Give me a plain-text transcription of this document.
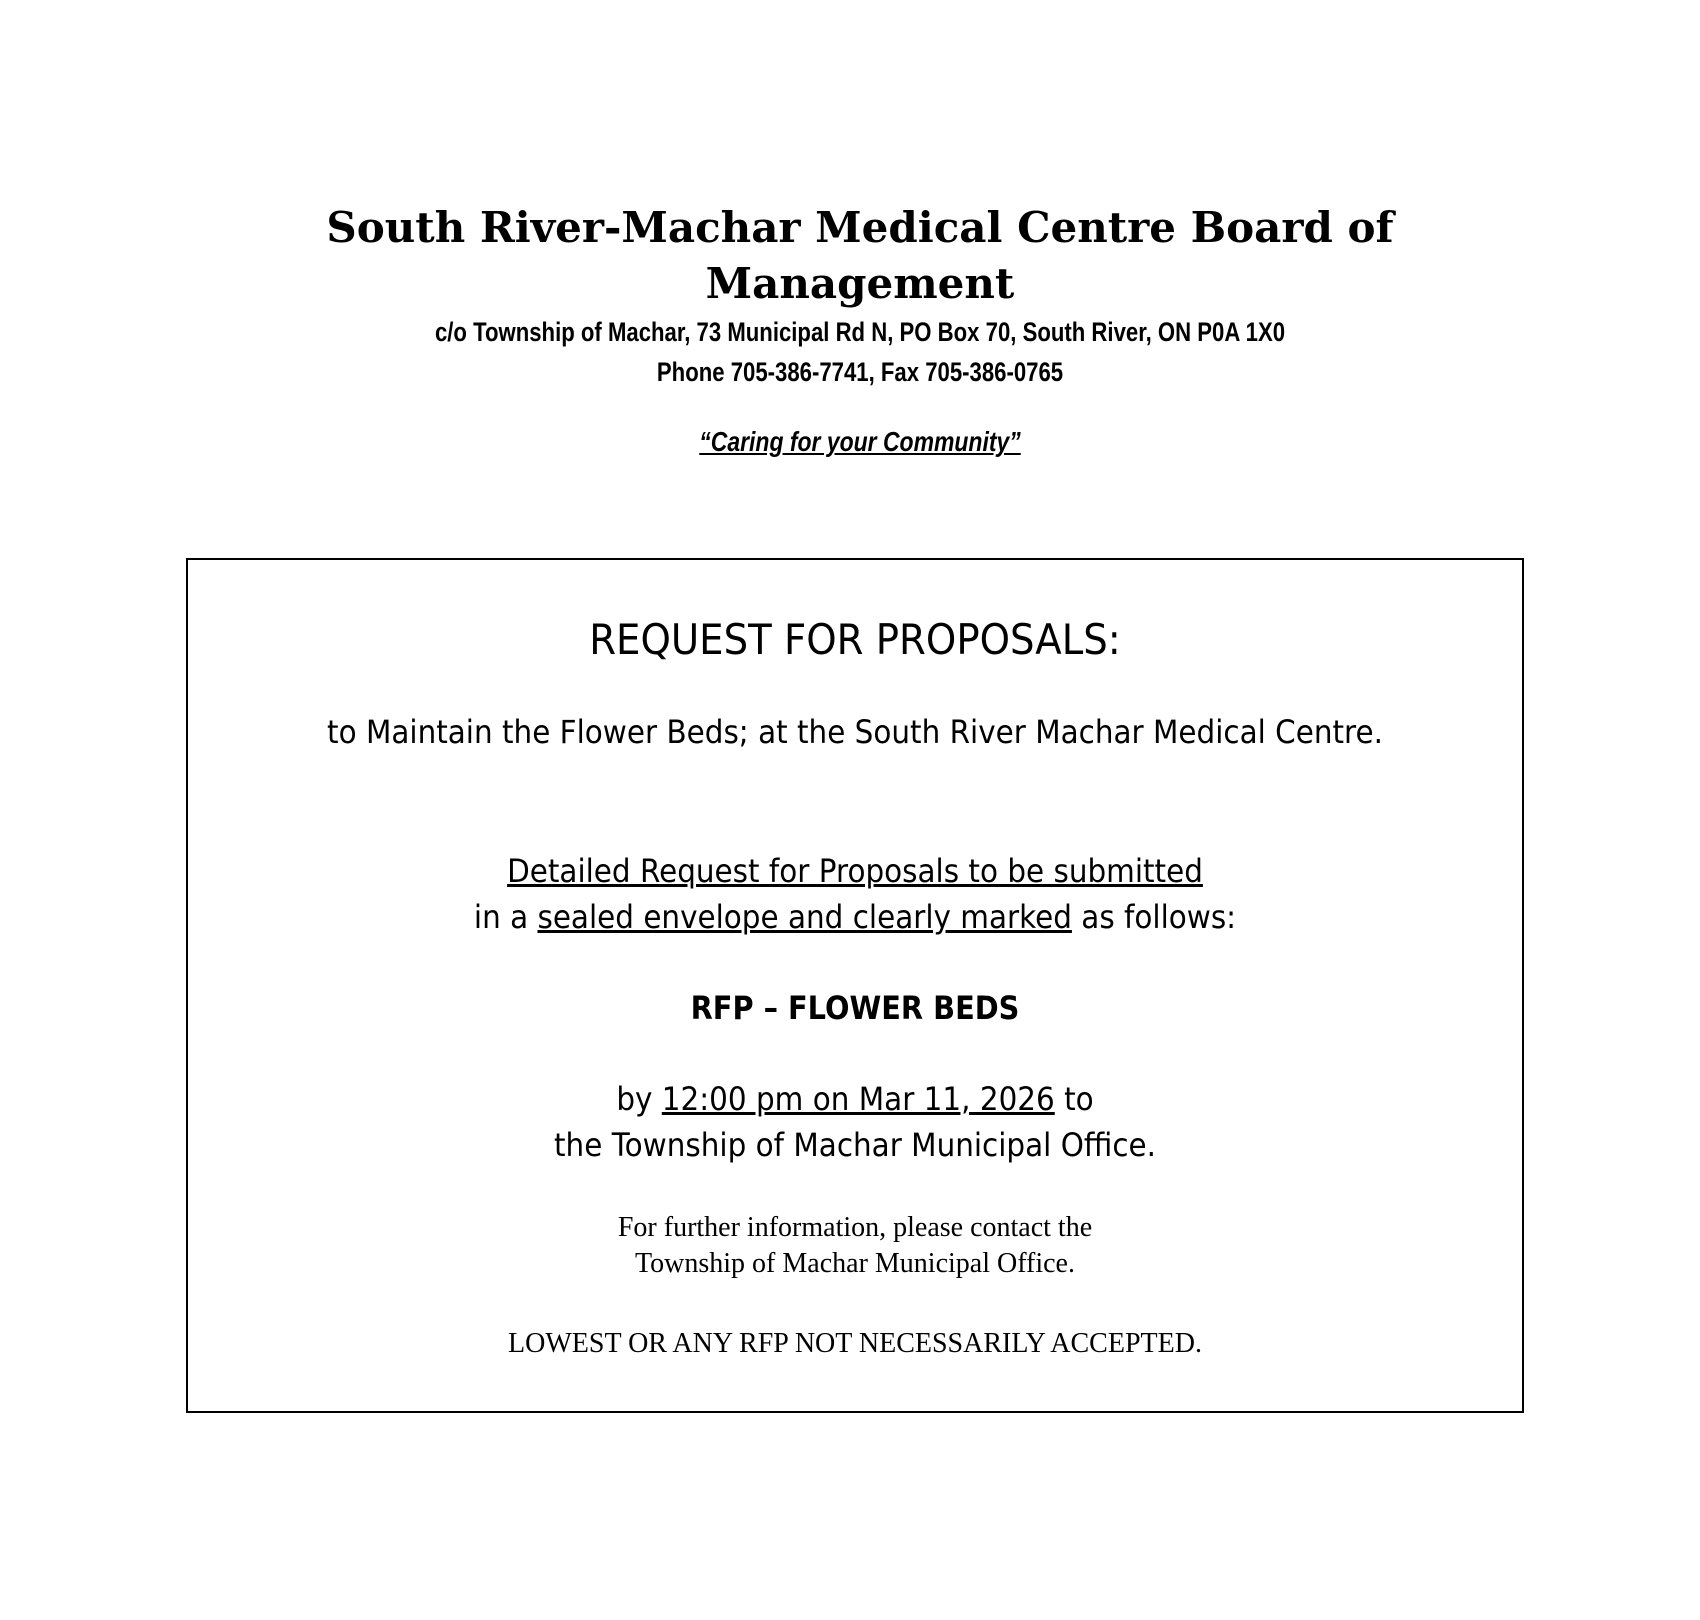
South River-Machar Medical Centre Board of
Management
c/o Township of Machar, 73 Municipal Rd N, PO Box 70, South River, ON P0A 1X0
Phone 705-386-7741, Fax 705-386-0765
“Caring for your Community”
REQUEST FOR PROPOSALS:
to Maintain the Flower Beds; at the South River Machar Medical Centre.
Detailed Request for Proposals to be submitted
in a sealed envelope and clearly marked as follows:
RFP – FLOWER BEDS
by 12:00 pm on Mar 11, 2026 to
the Township of Machar Municipal Office.
For further information, please contact the
Township of Machar Municipal Office.
LOWEST OR ANY RFP NOT NECESSARILY ACCEPTED.
